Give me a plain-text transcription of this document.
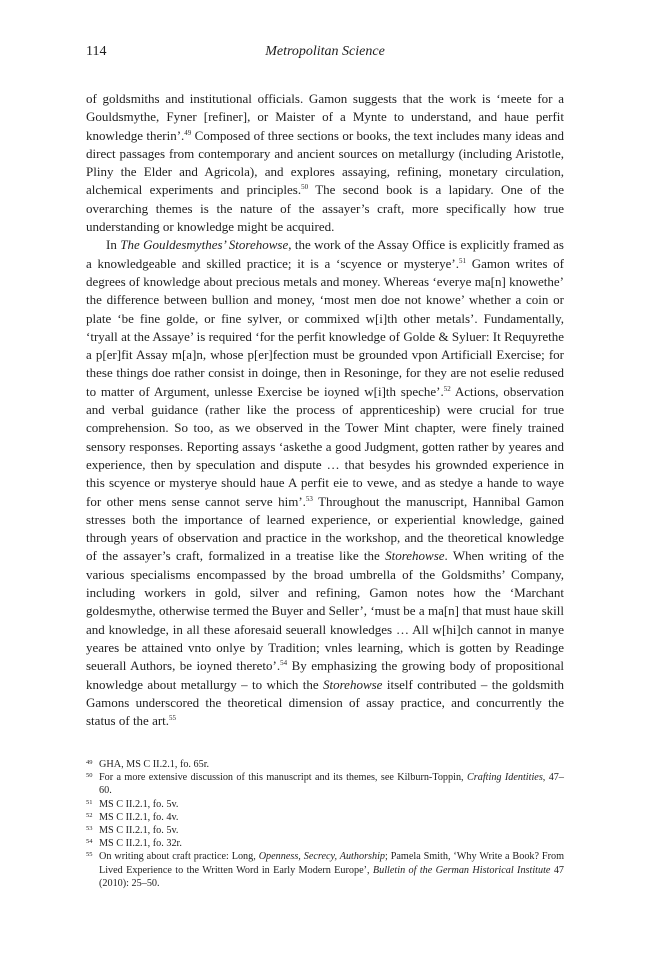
114	Metropolitan Science

of goldsmiths and institutional officials. Gamon suggests that the work is ‘meete for a Gouldsmythe, Fyner [refiner], or Maister of a Mynte to understand, and haue perfit knowledge therin’.$^{49}$ Composed of three sections or books, the text includes many ideas and direct passages from contemporary and ancient sources on metallurgy (including Aristotle, Pliny the Elder and Agricola), and explores assaying, refining, monetary circulation, alchemical experiments and principles.$^{50}$ The second book is a lapidary. One of the overarching themes is the nature of the assayer’s craft, more specifically how true understanding or knowledge might be acquired.

In The Gouldesmythes’ Storehowse, the work of the Assay Office is explicitly framed as a knowledgeable and skilled practice; it is a ‘scyence or mysterye’.$^{51}$ Gamon writes of degrees of knowledge about precious metals and money. Whereas ‘everye ma[n] knowethe’ the difference between bullion and money, ‘most men doe not knowe’ whether a coin or plate ‘be fine golde, or fine sylver, or commixed w[i]th other metals’. Fundamentally, ‘tryall at the Assaye’ is required ‘for the perfit knowledge of Golde & Syluer: It Requyrethe a p[er]fit Assay m[a]n, whose p[er]fection must be grounded vpon Artificiall Exercise; for these things doe rather consist in doinge, then in Resoninge, for they are not eselie redused to matter of Argument, unlesse Exercise be ioyned w[i]th speche’.$^{52}$ Actions, observation and verbal guidance (rather like the process of apprenticeship) were crucial for true comprehension. So too, as we observed in the Tower Mint chapter, were finely trained sensory responses. Reporting assays ‘askethe a good Judgment, gotten rather by yeares and experience, then by speculation and dispute … that besydes his grownded experience in this scyence or mysterye should haue A perfit eie to vewe, and as stedye a hande to waye for other mens sense cannot serve him’.$^{53}$ Throughout the manuscript, Hannibal Gamon stresses both the importance of learned experience, or experiential knowledge, gained through years of observation and practice in the workshop, and the theoretical knowledge of the assayer’s craft, formalized in a treatise like the Storehowse. When writing of the various specialisms encompassed by the broad umbrella of the Goldsmiths’ Company, including workers in gold, silver and refining, Gamon notes how the ‘Marchant goldesmythe, otherwise termed the Buyer and Seller’, ‘must be a ma[n] that must haue skill and knowledge, in all these aforesaid seuerall knowledges … All w[hi]ch cannot in manye yeares be attained vnto onlye by Tradition; vnles learning, which is gotten by Readinge seuerall Authors, be ioyned thereto’.$^{54}$ By emphasizing the growing body of propositional knowledge about metallurgy – to which the Storehowse itself contributed – the goldsmith Gamons underscored the theoretical dimension of assay practice, and concurrently the status of the art.$^{55}$

49 GHA, MS C II.2.1, fo. 65r.
50 For a more extensive discussion of this manuscript and its themes, see Kilburn-Toppin, Crafting Identities, 47–60.
51 MS C II.2.1, fo. 5v.
52 MS C II.2.1, fo. 4v.
53 MS C II.2.1, fo. 5v.
54 MS C II.2.1, fo. 32r.
55 On writing about craft practice: Long, Openness, Secrecy, Authorship; Pamela Smith, ‘Why Write a Book? From Lived Experience to the Written Word in Early Modern Europe’, Bulletin of the German Historical Institute 47 (2010): 25–50.
